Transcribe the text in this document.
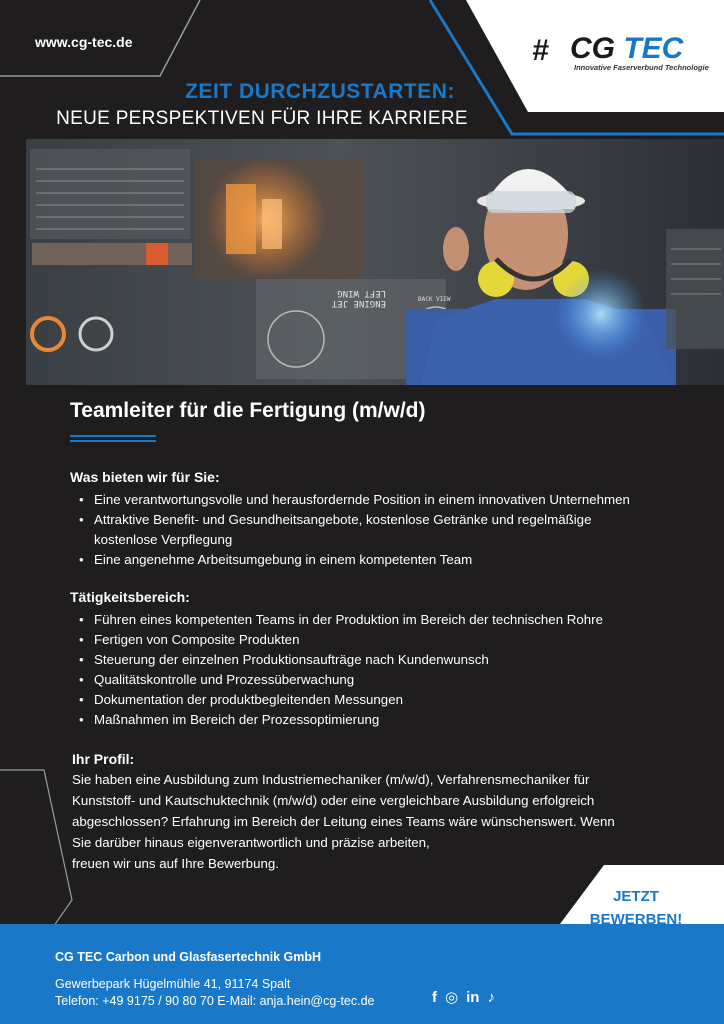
www.cg-tec.de	# CG TEC
Innovative Faserverbund Technologie
ZEIT DURCHZUSTARTEN:
NEUE PERSPEKTIVEN FÜR IHRE KARRIERE
LEFT WING
ENGINE JET	BACK VIEW
Teamleiter für die Fertigung (m/w/d)
Was bieten wir für Sie:
• Eine verantwortungsvolle und herausfordernde Position in einem innovativen Unternehmen
• Attraktive Benefit- und Gesundheitsangebote, kostenlose Getränke und regelmäßige kostenlose Verpflegung
• Eine angenehme Arbeitsumgebung in einem kompetenten Team
Tätigkeitsbereich:
• Führen eines kompetenten Teams in der Produktion im Bereich der technischen Rohre
• Fertigen von Composite Produkten
• Steuerung der einzelnen Produktionsaufträge nach Kundenwunsch
• Qualitätskontrolle und Prozessüberwachung
• Dokumentation der produktbegleitenden Messungen
• Maßnahmen im Bereich der Prozessoptimierung
Ihr Profil:
Sie haben eine Ausbildung zum Industriemechaniker (m/w/d), Verfahrensmechaniker für
Kunststoff- und Kautschuktechnik (m/w/d) oder eine vergleichbare Ausbildung erfolgreich
abgeschlossen? Erfahrung im Bereich der Leitung eines Teams wäre wünschenswert. Wenn
Sie darüber hinaus eigenverantwortlich und präzise arbeiten,
freuen wir uns auf Ihre Bewerbung.
CG TEC Carbon und Glasfasertechnik GmbH
Gewerbepark Hügelmühle 41, 91174 Spalt
Telefon: +49 9175 / 90 80 70 E-Mail: anja.hein@cg-tec.de	f ◎ in ♪
JETZT
BEWERBEN!
www.cg-tec.de/
kontakt/bewerben
